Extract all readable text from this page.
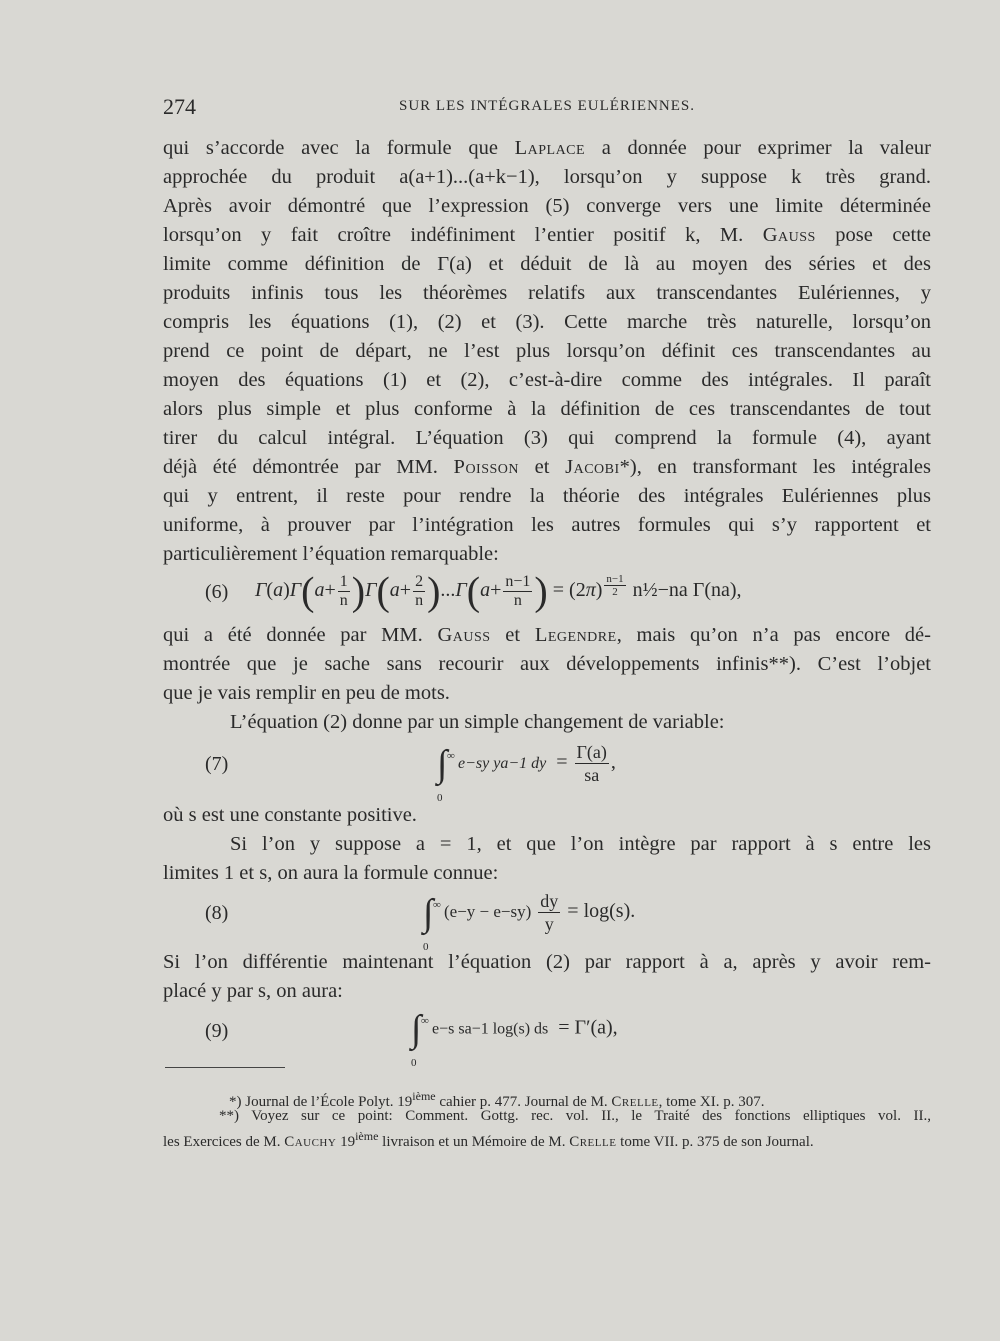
274	SUR LES INTÉGRALES EULÉRIENNES.
qui s’accorde avec la formule que Laplace a donnée pour exprimer la valeur
approchée du produit a(a+1)...(a+k−1), lorsqu’on y suppose k très grand.
Après avoir démontré que l’expression (5) converge vers une limite déterminée
lorsqu’on y fait croître indéfiniment l’entier positif k, M. Gauss pose cette
limite comme définition de Γ(a) et déduit de là au moyen des séries et des
produits infinis tous les théorèmes relatifs aux transcendantes Eulériennes, y
compris les équations (1), (2) et (3). Cette marche très naturelle, lorsqu’on
prend ce point de départ, ne l’est plus lorsqu’on définit ces transcendantes au
moyen des équations (1) et (2), c’est-à-dire comme des intégrales. Il paraît
alors plus simple et plus conforme à la définition de ces transcendantes de tout
tirer du calcul intégral. L’équation (3) qui comprend la formule (4), ayant
déjà été démontrée par MM. Poisson et Jacobi*), en transformant les intégrales
qui y entrent, il reste pour rendre la théorie des intégrales Eulériennes plus
uniforme, à prouver par l’intégration les autres formules qui s’y rapportent et
particulièrement l’équation remarquable:
(6) $\Gamma(a)\Gamma(a+ \frac{1}{n} )\Gamma(a+ \frac{2}{n} )...\Gamma(a+ \frac{n-1}{n}$ ) = (2π) $^{\frac{n-1}{2}}$ n½−na Γ(na),
qui a été donnée par MM. Gauss et Legendre, mais qu’on n’a pas encore dé-
montrée que je sache sans recourir aux développements infinis**). C’est l’objet
que je vais remplir en peu de mots.
L’équation (2) donne par un simple changement de variable:
(7)	∫ ∞
0
e−sy ya−1 dy  = $\frac{\Gamma(a)}{sa}$ ,
où s est une constante positive.
Si l’on y suppose a = 1, et que l’on intègre par rapport à s entre les
limites 1 et s, on aura la formule connue:
(8)	∫ ∞
0
$(e-y - e-sy) \frac{dy}{y} = \log(s)$.
Si l’on différentie maintenant l’équation (2) par rapport à a, après y avoir rem-
placé y par s, on aura:
(9)	∫ ∞
0
e−s sa−1 log(s) ds = Γ′(a),
*) Journal de l’École Polyt. 19ième cahier p. 477. Journal de M. Crelle, tome XI. p. 307.
**) Voyez sur ce point: Comment. Gottg. rec. vol. II., le Traité des fonctions elliptiques vol. II.,
les Exercices de M. Cauchy 19ième livraison et un Mémoire de M. Crelle tome VII. p. 375 de son Journal.
